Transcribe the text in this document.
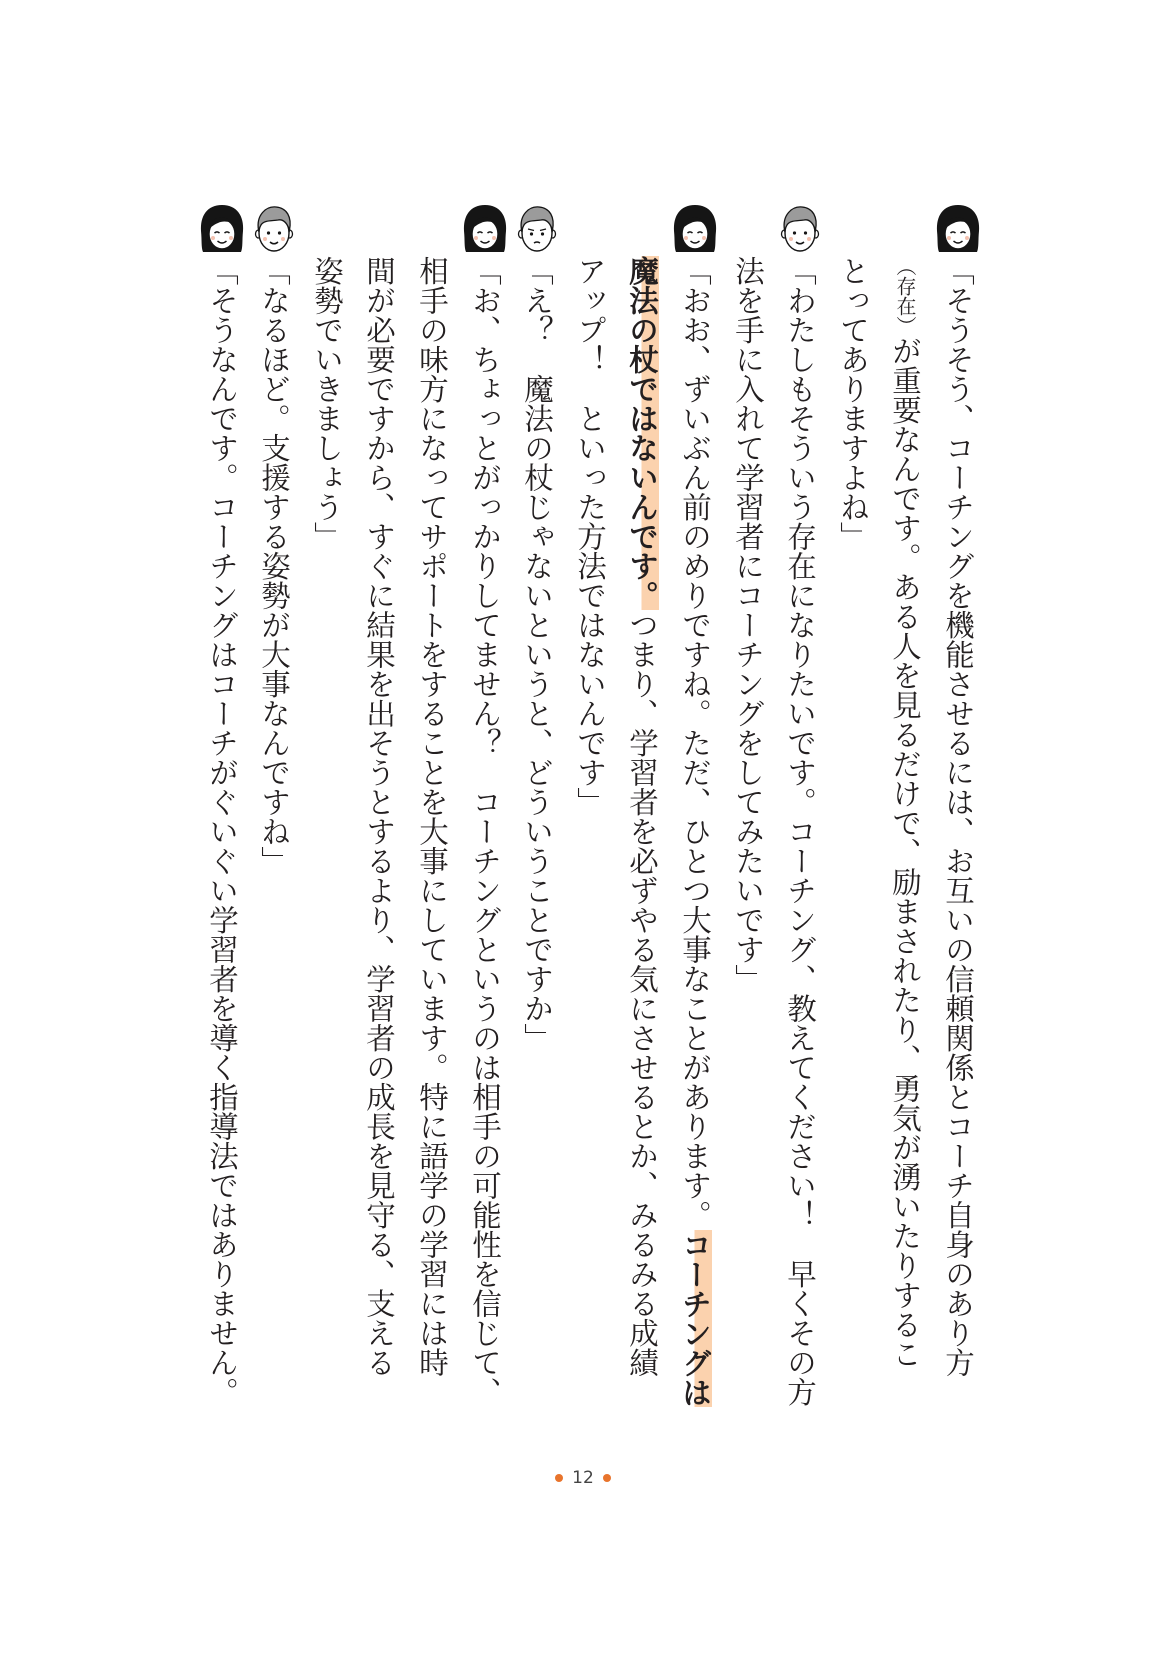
「そうそう、コーチングを機能させるには、お互いの信頼関係とコーチ自身のあり方
（存在）が重要なんです。ある人を見るだけで、励まされたり、勇気が湧いたりするこ
とってありますよね」
「わたしもそういう存在になりたいです。コーチング、教えてください！　早くその方
法を手に入れて学習者にコーチングをしてみたいです」
「おお、ずいぶん前のめりですね。ただ、ひとつ大事なことがあります。コーチングは
魔法の杖ではないんです。つまり、学習者を必ずやる気にさせるとか、みるみる成績
アップ！　といった方法ではないんです」
「え？　魔法の杖じゃないというと、どういうことですか」
「お、ちょっとがっかりしてません？　コーチングというのは相手の可能性を信じて、
相手の味方になってサポートをすることを大事にしています。特に語学の学習には時
間が必要ですから、すぐに結果を出そうとするより、学習者の成長を見守る、支える
姿勢でいきましょう」
「なるほど。支援する姿勢が大事なんですね」
「そうなんです。コーチングはコーチがぐいぐい学習者を導く指導法ではありません。
12
